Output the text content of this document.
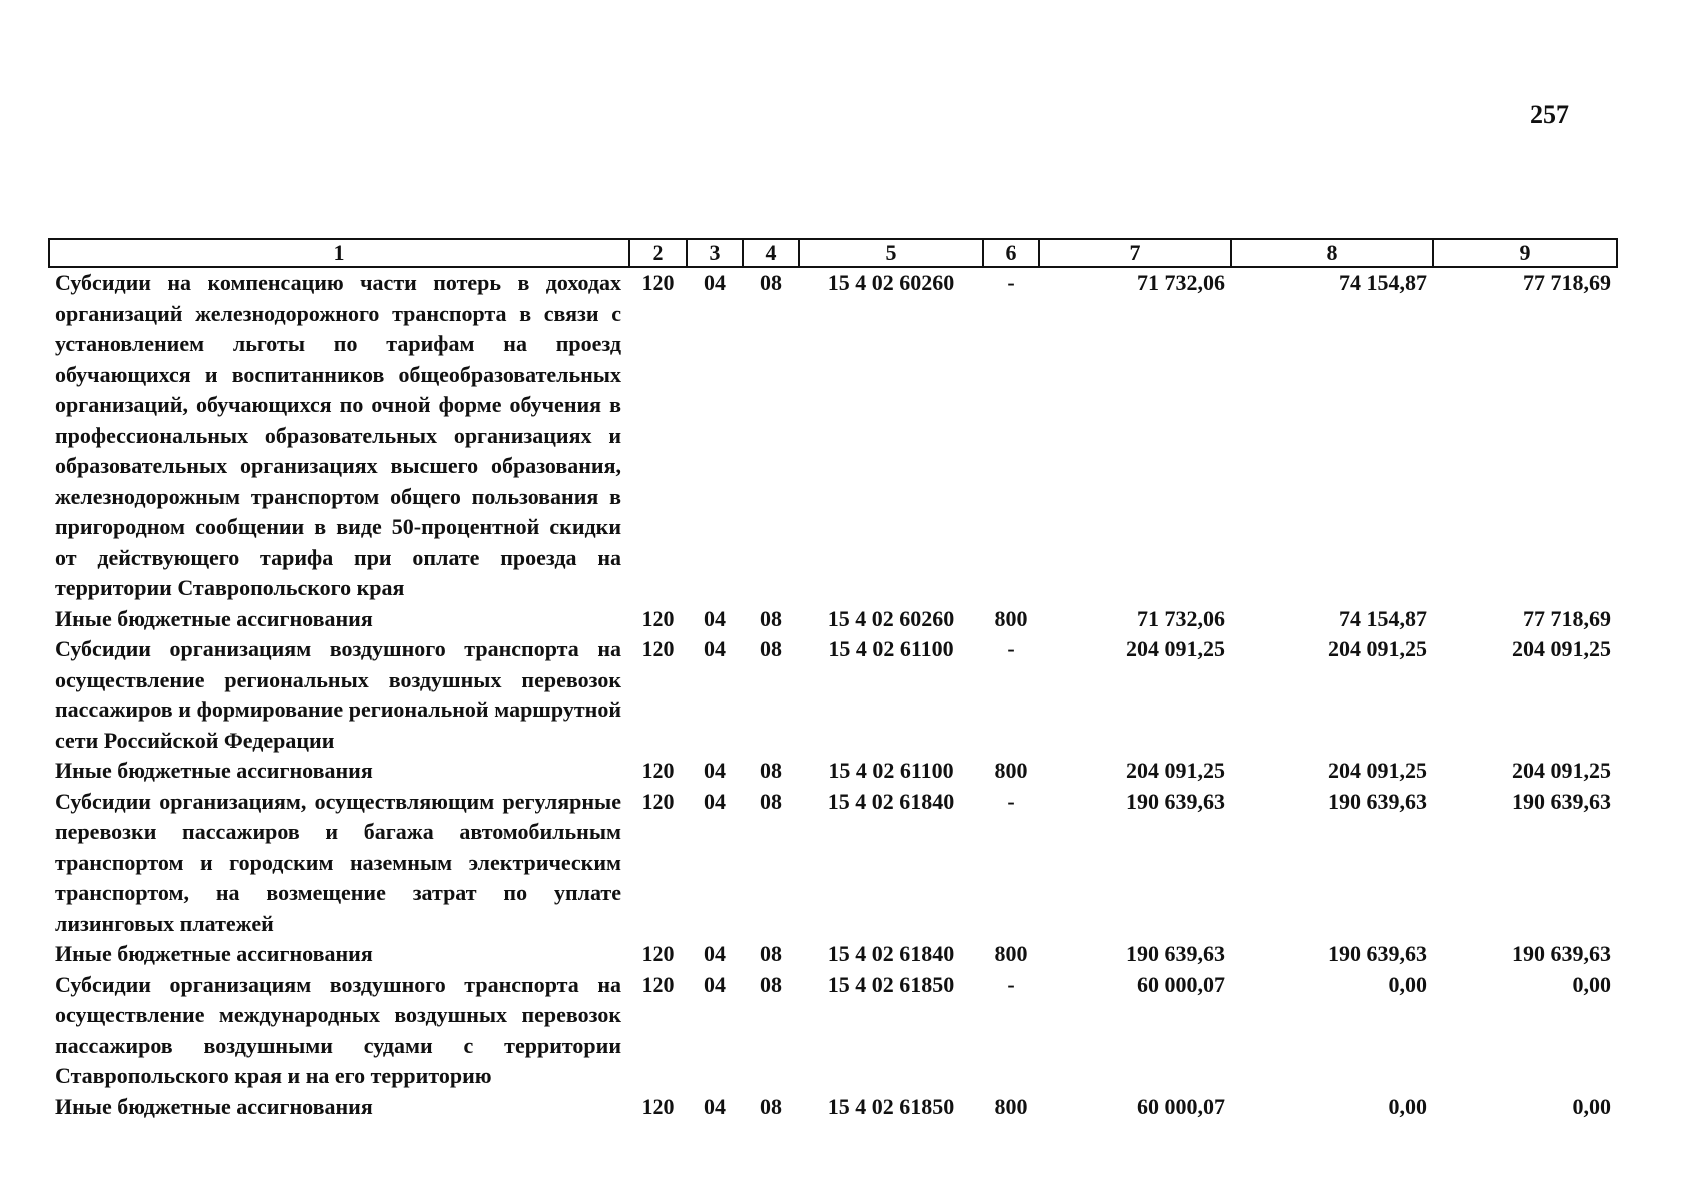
257
1	2	3	4	5	6	7	8	9
Субсидии на компенсацию части потерь в доходах организаций железнодорожного транспорта в связи с установлением льготы по тарифам на проезд обучающихся и воспитанников общеобразовательных организаций, обучающихся по очной форме обучения в профессиональных образовательных организациях и образовательных организациях высшего образования, железнодорожным транспортом общего пользования в пригородном сообщении в виде 50-процентной скидки от действующего тарифа при оплате проезда на территории Ставропольского края	120	04	08	15 4 02 60260	-	71 732,06	74 154,87	77 718,69
Иные бюджетные ассигнования	120	04	08	15 4 02 60260	800	71 732,06	74 154,87	77 718,69
Субсидии организациям воздушного транспорта на осуществление региональных воздушных перевозок пассажиров и формирование региональной маршрутной сети Российской Федерации	120	04	08	15 4 02 61100	-	204 091,25	204 091,25	204 091,25
Иные бюджетные ассигнования	120	04	08	15 4 02 61100	800	204 091,25	204 091,25	204 091,25
Субсидии организациям, осуществляющим регулярные перевозки пассажиров и багажа автомобильным транспортом и городским наземным электрическим транспортом, на возмещение затрат по уплате лизинговых платежей	120	04	08	15 4 02 61840	-	190 639,63	190 639,63	190 639,63
Иные бюджетные ассигнования	120	04	08	15 4 02 61840	800	190 639,63	190 639,63	190 639,63
Субсидии организациям воздушного транспорта на осуществление международных воздушных перевозок пассажиров воздушными судами с территории Ставропольского края и на его территорию	120	04	08	15 4 02 61850	-	60 000,07	0,00	0,00
Иные бюджетные ассигнования	120	04	08	15 4 02 61850	800	60 000,07	0,00	0,00
